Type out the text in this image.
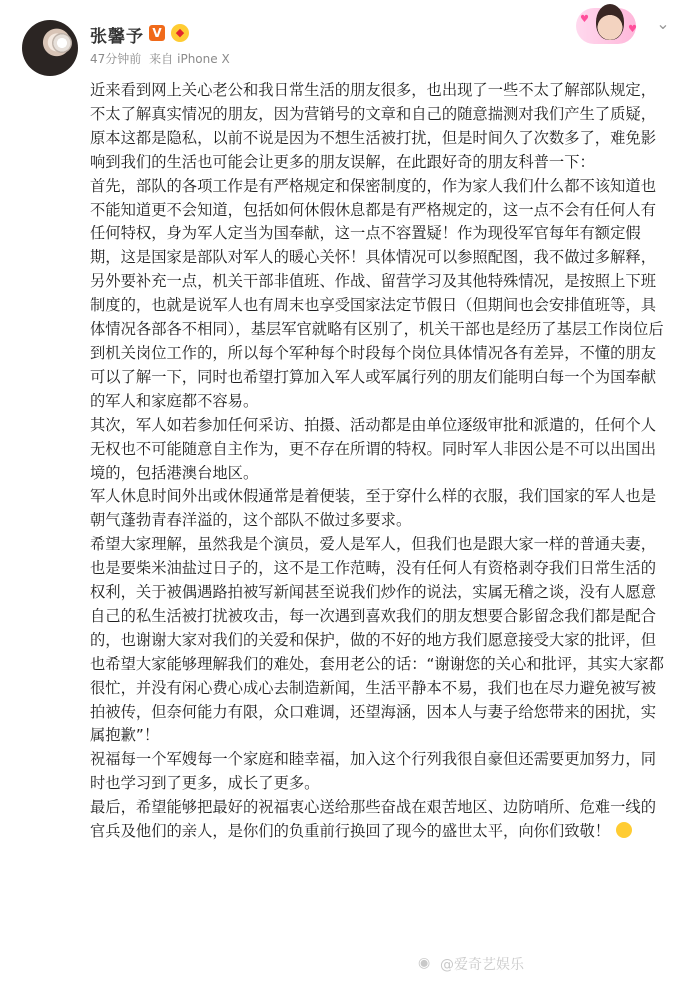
张馨予 V	◆
47分钟前 来自 iPhone X
♥
♥ ⌄

近来看到网上关心老公和我日常生活的朋友很多，也出现了一些不太了解部队规定，不太了解真实情况的朋友，因为营销号的文章和自己的随意揣测对我们产生了质疑，原本这都是隐私，以前不说是因为不想生活被打扰，但是时间久了次数多了，难免影响到我们的生活也可能会让更多的朋友误解，在此跟好奇的朋友科普一下：

首先，部队的各项工作是有严格规定和保密制度的，作为家人我们什么都不该知道也不能知道更不会知道，包括如何休假休息都是有严格规定的，这一点不会有任何人有任何特权，身为军人定当为国奉献，这一点不容置疑！作为现役军官每年有额定假期，这是国家是部队对军人的暖心关怀！具体情况可以参照配图，我不做过多解释，另外要补充一点，机关干部非值班、作战、留营学习及其他特殊情况，是按照上下班制度的，也就是说军人也有周末也享受国家法定节假日（但期间也会安排值班等，具体情况各部各不相同），基层军官就略有区别了，机关干部也是经历了基层工作岗位后到机关岗位工作的，所以每个军种每个时段每个岗位具体情况各有差异，不懂的朋友可以了解一下，同时也希望打算加入军人或军属行列的朋友们能明白每一个为国奉献的军人和家庭都不容易。

其次，军人如若参加任何采访、拍摄、活动都是由单位逐级审批和派遣的，任何个人无权也不可能随意自主作为，更不存在所谓的特权。同时军人非因公是不可以出国出境的，包括港澳台地区。

军人休息时间外出或休假通常是着便装，至于穿什么样的衣服，我们国家的军人也是朝气蓬勃青春洋溢的，这个部队不做过多要求。

希望大家理解，虽然我是个演员，爱人是军人，但我们也是跟大家一样的普通夫妻，也是要柴米油盐过日子的，这不是工作范畴，没有任何人有资格剥夺我们日常生活的权利，关于被偶遇路拍被写新闻甚至说我们炒作的说法，实属无稽之谈，没有人愿意自己的私生活被打扰被攻击，每一次遇到喜欢我们的朋友想要合影留念我们都是配合的，也谢谢大家对我们的关爱和保护，做的不好的地方我们愿意接受大家的批评，但也希望大家能够理解我们的难处，套用老公的话：“谢谢您的关心和批评，其实大家都很忙，并没有闲心费心成心去制造新闻，生活平静本不易，我们也在尽力避免被写被拍被传，但奈何能力有限，众口难调，还望海涵，因本人与妻子给您带来的困扰，实属抱歉”！

祝福每一个军嫂每一个家庭和睦幸福，加入这个行列我很自豪但还需要更加努力，同时也学习到了更多，成长了更多。

最后，希望能够把最好的祝福衷心送给那些奋战在艰苦地区、边防哨所、危难一线的官兵及他们的亲人，是你们的负重前行换回了现今的盛世太平，向你们致敬！

◉ @爱奇艺娱乐
